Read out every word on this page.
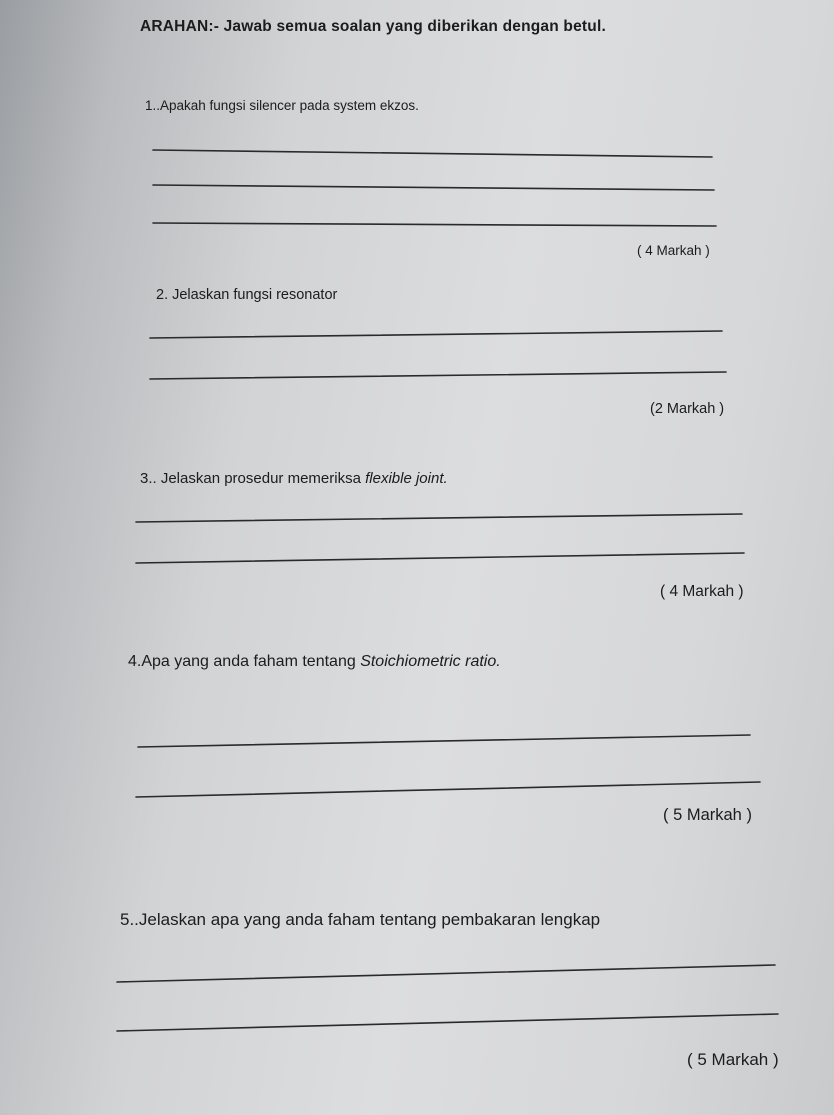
ARAHAN:- Jawab semua soalan yang diberikan dengan betul.
1..Apakah fungsi silencer pada system ekzos.
( 4 Markah )
2. Jelaskan fungsi resonator
(2 Markah )
3.. Jelaskan prosedur memeriksa flexible joint.
( 4 Markah )
4.Apa yang anda faham tentang Stoichiometric ratio.
( 5 Markah )
5..Jelaskan apa yang anda faham tentang pembakaran lengkap
( 5 Markah )
